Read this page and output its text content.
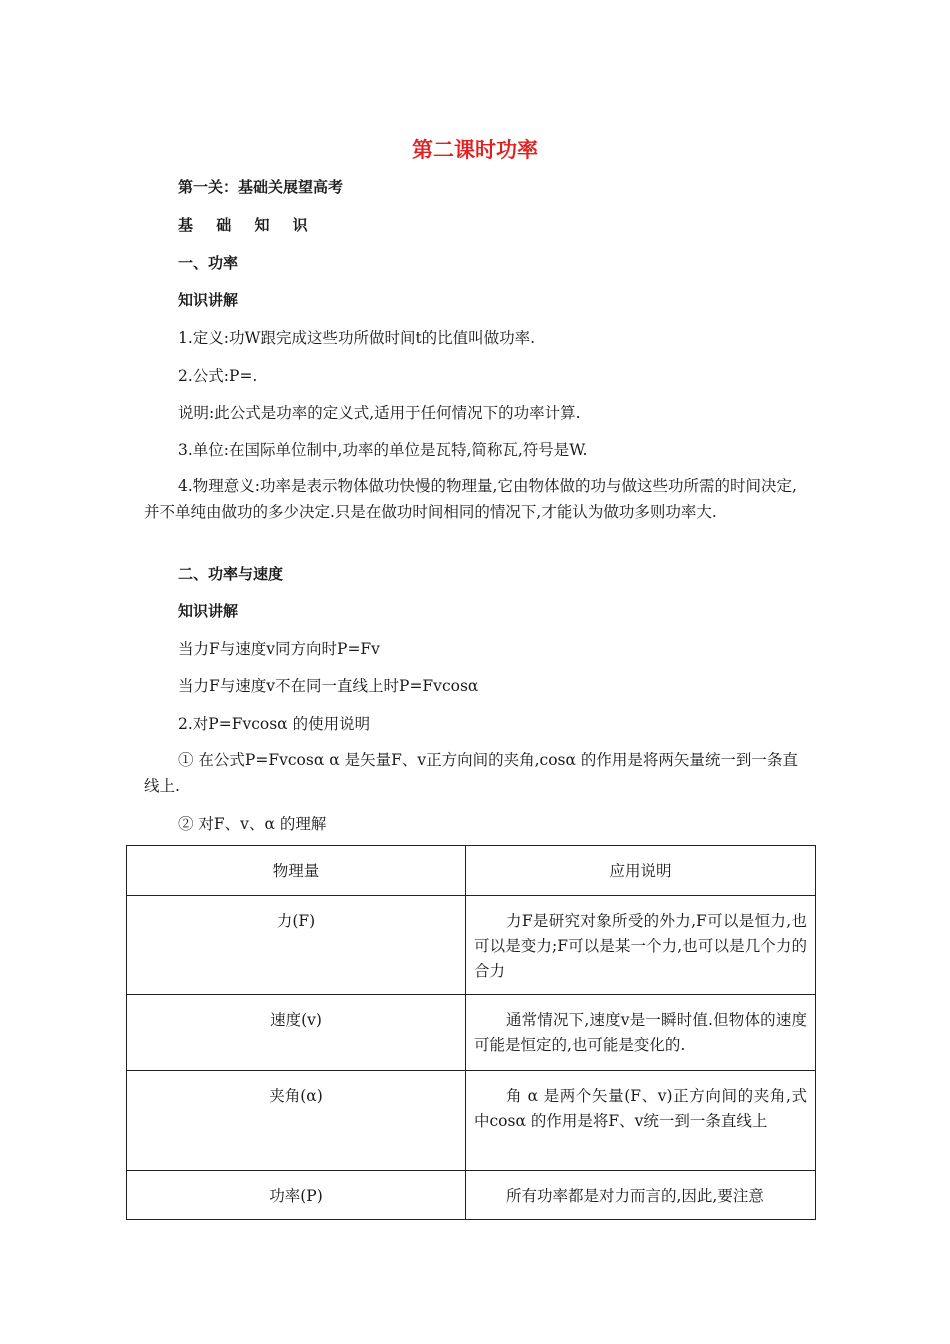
第二课时功率
第一关：基础关展望高考
基 础 知 识
一、功率
知识讲解
1.定义:功W跟完成这些功所做时间t的比值叫做功率.
2.公式:P=.
说明:此公式是功率的定义式,适用于任何情况下的功率计算.
3.单位:在国际单位制中,功率的单位是瓦特,简称瓦,符号是W.
4.物理意义:功率是表示物体做功快慢的物理量,它由物体做的功与做这些功所需的时间决定,并不单纯由做功的多少决定.只是在做功时间相同的情况下,才能认为做功多则功率大.
二、功率与速度
知识讲解
当力F与速度v同方向时P=Fv
当力F与速度v不在同一直线上时P=Fvcosα
2.对P=Fvcosα 的使用说明
① 在公式P=Fvcosα α 是矢量F、v正方向间的夹角,cosα 的作用是将两矢量统一到一条直线上.
② 对F、v、α 的理解
物理量	应用说明
力(F)	力F是研究对象所受的外力,F可以是恒力,也可以是变力;F可以是某一个力,也可以是几个力的合力
速度(v)	通常情况下,速度v是一瞬时值.但物体的速度可能是恒定的,也可能是变化的.
夹角(α)	角 α 是两个矢量(F、v)正方向间的夹角,式中cosα 的作用是将F、v统一到一条直线上
功率(P)	所有功率都是对力而言的,因此,要注意
